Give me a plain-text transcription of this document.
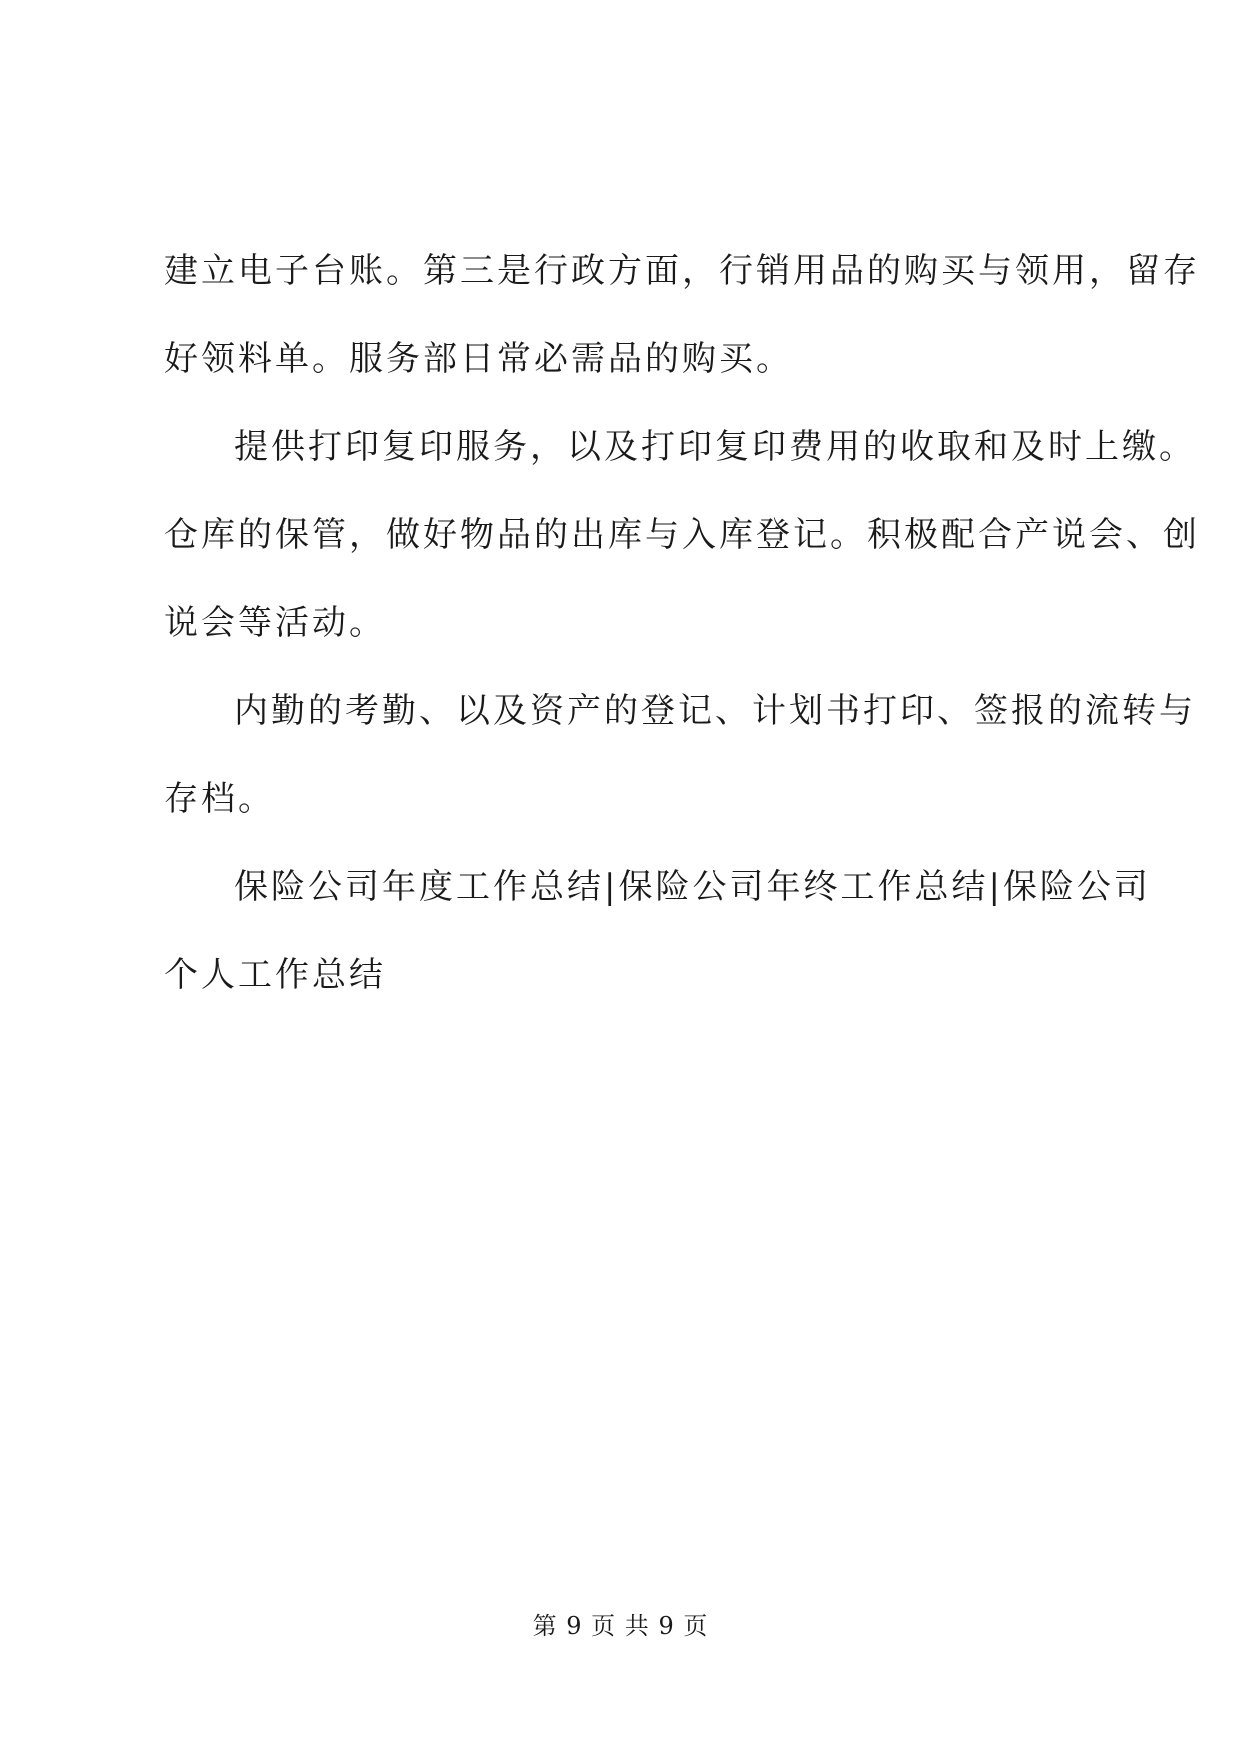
建立电子台账。第三是行政方面，行销用品的购买与领用，留存
好领料单。服务部日常必需品的购买。
提供打印复印服务，以及打印复印费用的收取和及时上缴。
仓库的保管，做好物品的出库与入库登记。积极配合产说会、创
说会等活动。
内勤的考勤、以及资产的登记、计划书打印、签报的流转与
存档。
保险公司年度工作总结|保险公司年终工作总结|保险公司
个人工作总结
第 9 页 共 9 页
